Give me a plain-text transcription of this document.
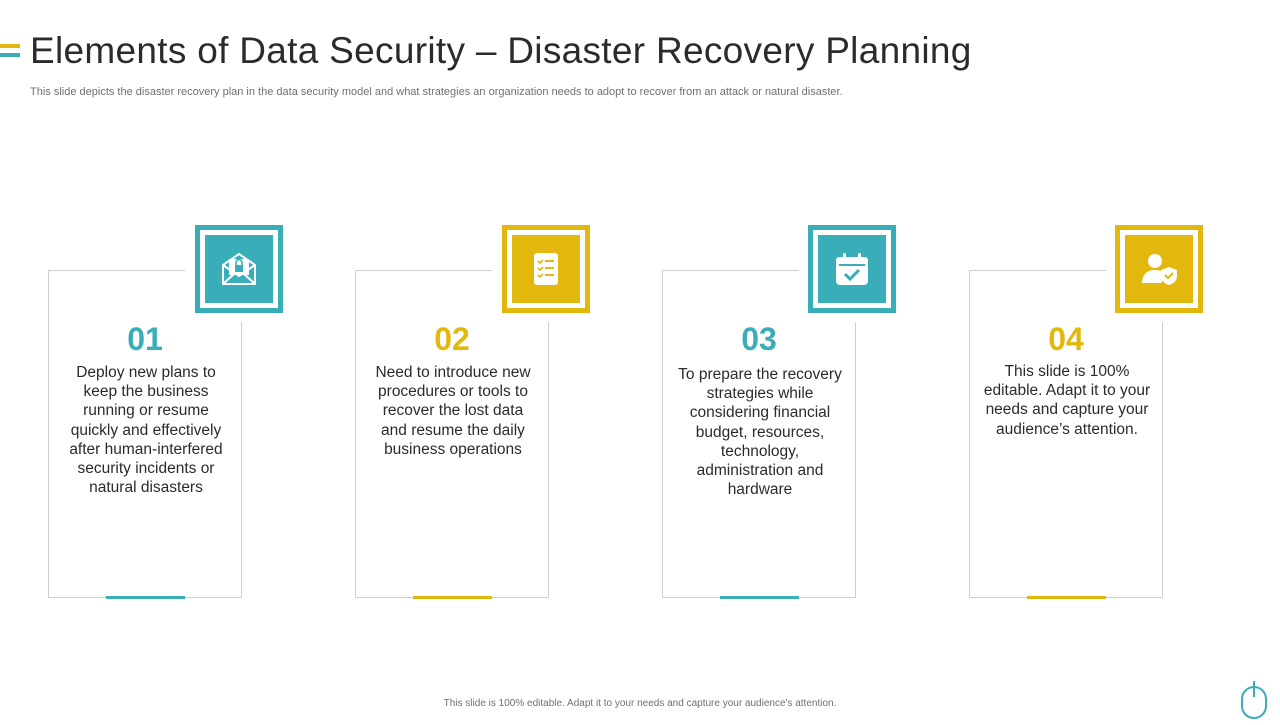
Elements of Data Security – Disaster Recovery Planning

This slide depicts the disaster recovery plan in the data security model and what strategies an organization needs to adopt to recover from an attack or natural disaster.

01
Deploy new plans to keep the business running or resume quickly and effectively after human-interfered security incidents or natural disasters
02
Need to introduce new procedures or tools to recover the lost data and resume the daily business operations
03
To prepare the recovery strategies while considering financial budget, resources, technology, administration and hardware
04
This slide is 100% editable. Adapt it to your needs and capture your audience’s attention.
This slide is 100% editable. Adapt it to your needs and capture your audience's attention.
